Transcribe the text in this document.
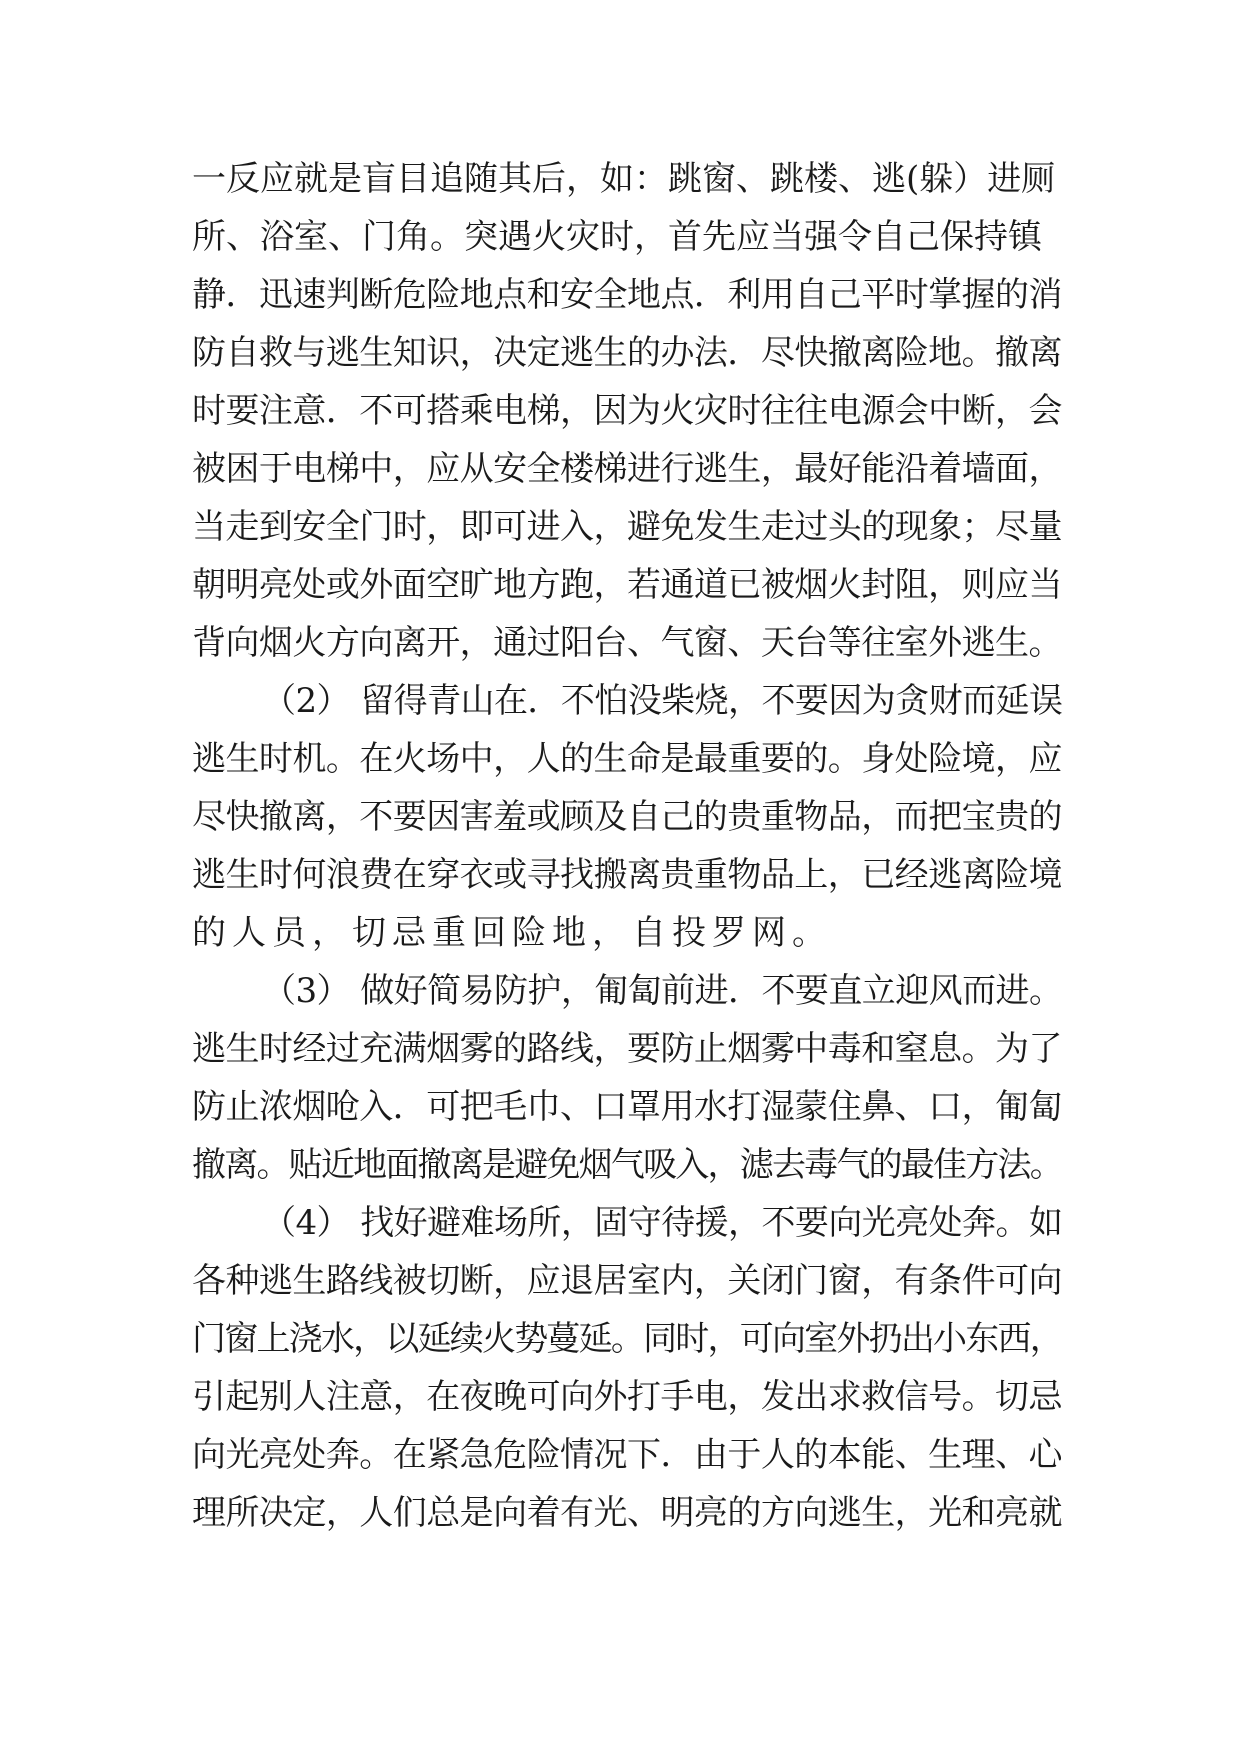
一反应就是盲目追随其后，如：跳窗、跳楼、逃(躲）进厕
所、浴室、门角。突遇火灾时，首先应当强令自己保持镇
静．迅速判断危险地点和安全地点．利用自己平时掌握的消
防自救与逃生知识，决定逃生的办法．尽快撤离险地。撤离
时要注意．不可搭乘电梯，因为火灾时往往电源会中断，会
被困于电梯中，应从安全楼梯进行逃生，最好能沿着墙面，
当走到安全门时，即可进入，避免发生走过头的现象；尽量
朝明亮处或外面空旷地方跑，若通道已被烟火封阻，则应当
背向烟火方向离开，通过阳台、气窗、天台等往室外逃生。
（2） 留得青山在．不怕没柴烧，不要因为贪财而延误
逃生时机。在火场中，人的生命是最重要的。身处险境，应
尽快撤离，不要因害羞或顾及自己的贵重物品，而把宝贵的
逃生时何浪费在穿衣或寻找搬离贵重物品上，已经逃离险境
的人员，切忌重回险地，自投罗网。
（3） 做好简易防护，匍匐前进．不要直立迎风而进。
逃生时经过充满烟雾的路线，要防止烟雾中毒和窒息。为了
防止浓烟呛入．可把毛巾、口罩用水打湿蒙住鼻、口，匍匐
撤离。贴近地面撤离是避免烟气吸入，滤去毒气的最佳方法。
（4） 找好避难场所，固守待援，不要向光亮处奔。如
各种逃生路线被切断，应退居室内，关闭门窗，有条件可向
门窗上浇水，以延续火势蔓延。同时，可向室外扔出小东西，
引起别人注意，在夜晚可向外打手电，发出求救信号。切忌
向光亮处奔。在紧急危险情况下．由于人的本能、生理、心
理所决定，人们总是向着有光、明亮的方向逃生，光和亮就
